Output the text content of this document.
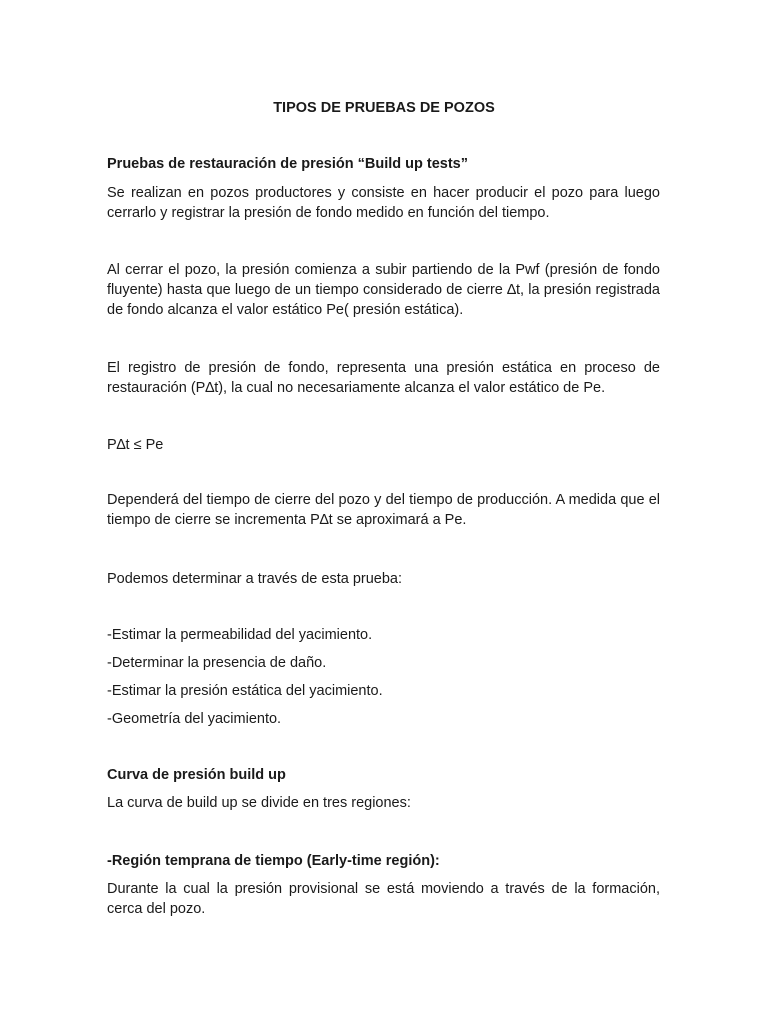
TIPOS DE PRUEBAS DE POZOS
Pruebas de restauración de presión “Build up tests”
Se realizan en pozos productores y consiste en hacer producir el pozo para luego cerrarlo y registrar la presión de fondo medido en función del tiempo.
Al cerrar el pozo, la presión comienza a subir partiendo de la Pwf (presión de fondo fluyente) hasta que luego de un tiempo considerado de cierre ∆t, la presión registrada de fondo alcanza el valor estático Pe( presión estática).
El registro de presión de fondo, representa una presión estática en proceso de restauración (P∆t), la cual no necesariamente alcanza el valor estático de Pe.
P∆t ≤ Pe
Dependerá del tiempo de cierre del pozo y del tiempo de producción. A medida que el tiempo de cierre se incrementa P∆t se aproximará a Pe.
Podemos determinar a través de esta prueba:
-Estimar la permeabilidad del yacimiento.
-Determinar la presencia de daño.
-Estimar la presión estática del yacimiento.
-Geometría del yacimiento.
Curva de presión build up
La curva de build up se divide en tres regiones:
-Región temprana de tiempo (Early-time región):
Durante la cual la presión provisional se está moviendo a través de la formación, cerca del pozo.
